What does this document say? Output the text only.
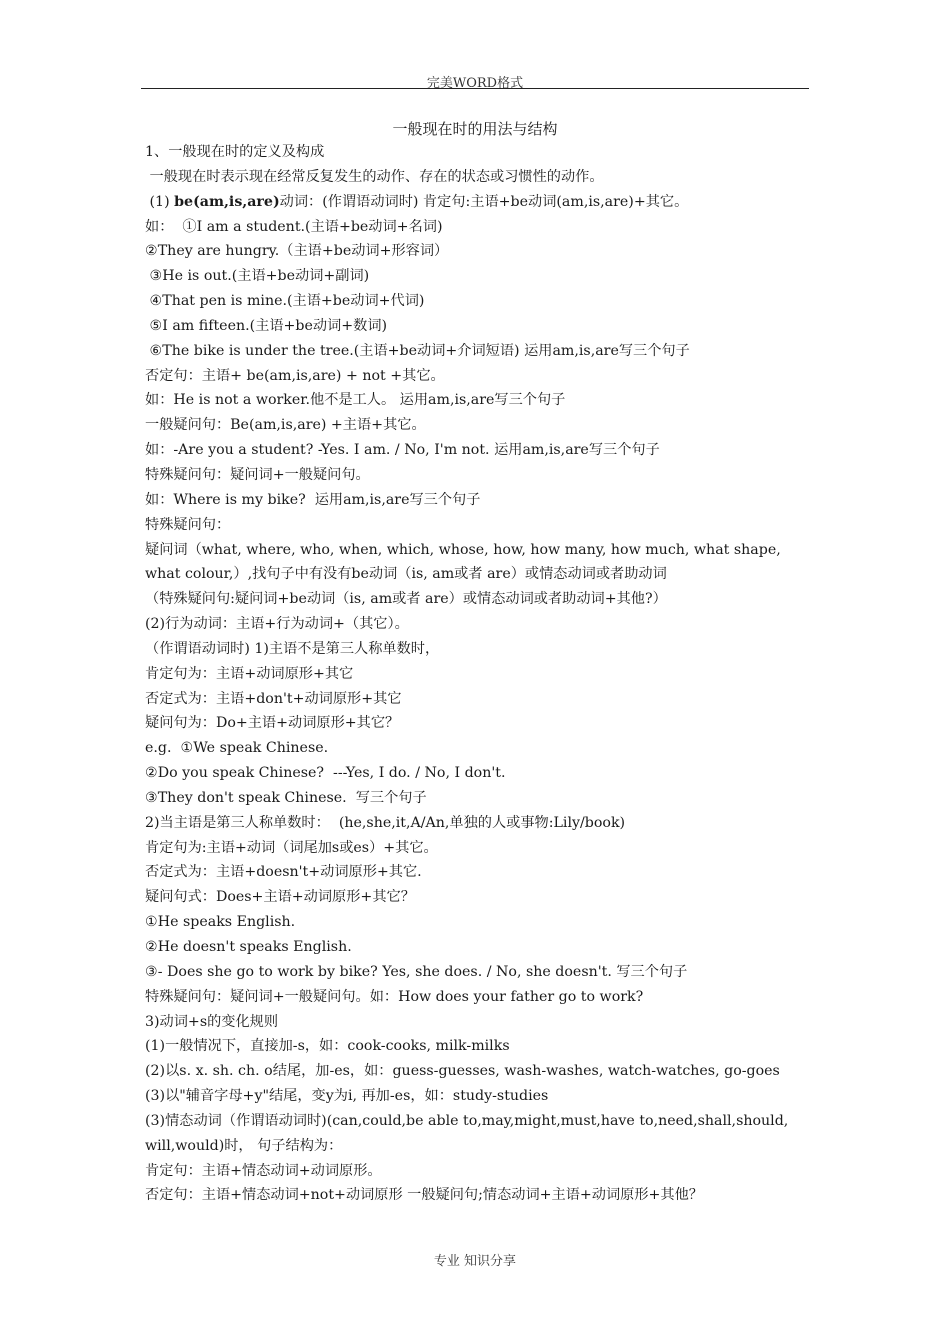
完美WORD格式
一般现在时的用法与结构
1、一般现在时的定义及构成
一般现在时表示现在经常反复发生的动作、存在的状态或习惯性的动作。
(1) be(am,is,are)动词：(作谓语动词时) 肯定句:主语+be动词(am,is,are)+其它。
如：  ①I am a student.(主语+be动词+名词)
②They are hungry.（主语+be动词+形容词）
③He is out.(主语+be动词+副词)
④That pen is mine.(主语+be动词+代词)
⑤I am fifteen.(主语+be动词+数词)
⑥The bike is under the tree.(主语+be动词+介词短语) 运用am,is,are写三个句子
否定句：主语+ be(am,is,are) + not +其它。
如：He is not a worker.他不是工人。 运用am,is,are写三个句子
一般疑问句：Be(am,is,are) +主语+其它。
如：-Are you a student? -Yes. I am. / No, I'm not. 运用am,is,are写三个句子
特殊疑问句：疑问词+一般疑问句。
如：Where is my bike?  运用am,is,are写三个句子
特殊疑问句：
疑问词（what, where, who, when, which, whose, how, how many, how much, what shape,
what colour,）,找句子中有没有be动词（is, am或者 are）或情态动词或者助动词
（特殊疑问句:疑问词+be动词（is, am或者 are）或情态动词或者助动词+其他?）
(2)行为动词：主语+行为动词+（其它）。
（作谓语动词时) 1)主语不是第三人称单数时，
肯定句为：主语+动词原形+其它
否定式为：主语+don't+动词原形+其它
疑问句为：Do+主语+动词原形+其它？
e.g.  ①We speak Chinese.
②Do you speak Chinese?  ---Yes, I do. / No, I don't.
③They don't speak Chinese.  写三个句子
2)当主语是第三人称单数时：  (he,she,it,A/An,单独的人或事物:Lily/book)
肯定句为:主语+动词（词尾加s或es）+其它。
否定式为：主语+doesn't+动词原形+其它.
疑问句式：Does+主语+动词原形+其它？
①He speaks English.
②He doesn't speaks English.
③- Does she go to work by bike? Yes, she does. / No, she doesn't. 写三个句子
特殊疑问句：疑问词+一般疑问句。如：How does your father go to work?
3)动词+s的变化规则
(1)一般情况下，直接加-s，如：cook-cooks, milk-milks
(2)以s. x. sh. ch. o结尾，加-es，如：guess-guesses, wash-washes, watch-watches, go-goes
(3)以"辅音字母+y"结尾，变y为i, 再加-es，如：study-studies
(3)情态动词（作谓语动词时)(can,could,be able to,may,might,must,have to,need,shall,should,
will,would)时， 句子结构为：
肯定句：主语+情态动词+动词原形。
否定句：主语+情态动词+not+动词原形 一般疑问句;情态动词+主语+动词原形+其他？
专业 知识分享
